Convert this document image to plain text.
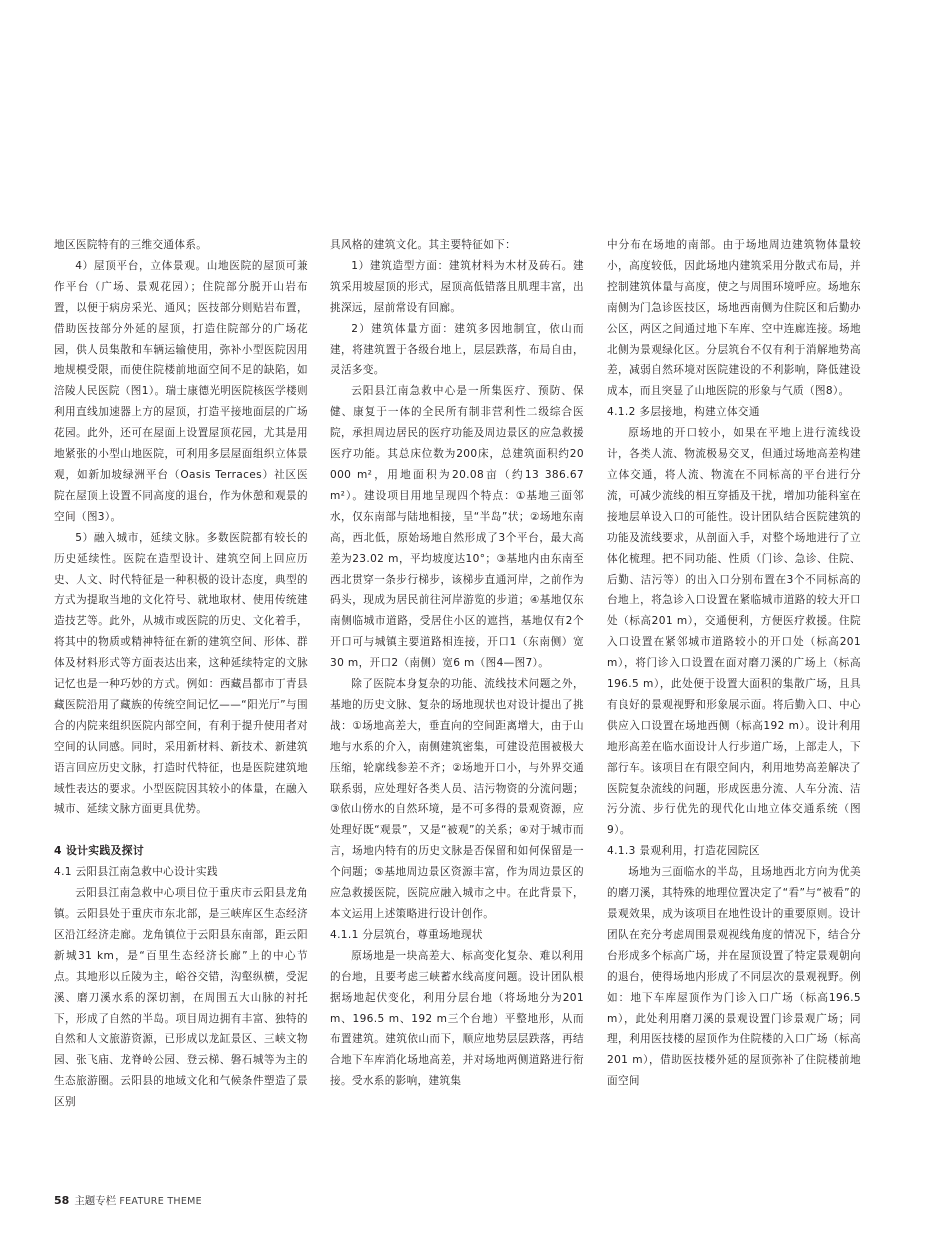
地区医院特有的三维交通体系。

4）屋顶平台，立体景观。山地医院的屋顶可兼作平台（广场、景观花园）；住院部分脱开山岩布置，以便于病房采光、通风；医技部分则贴岩布置，借助医技部分外延的屋顶，打造住院部分的广场花园，供人员集散和车辆运输使用，弥补小型医院因用地规模受限，而使住院楼前地面空间不足的缺陷，如涪陵人民医院（图1）。瑞士康德光明医院核医学楼则利用直线加速器上方的屋顶，打造平接地面层的广场花园。此外，还可在屋面上设置屋顶花园，尤其是用地紧张的小型山地医院，可利用多层屋面组织立体景观，如新加坡绿洲平台（Oasis Terraces）社区医院在屋顶上设置不同高度的退台，作为休憩和观景的空间（图3）。

5）融入城市，延续文脉。多数医院都有较长的历史延续性。医院在造型设计、建筑空间上回应历史、人文、时代特征是一种积极的设计态度，典型的方式为提取当地的文化符号、就地取材、使用传统建造技艺等。此外，从城市或医院的历史、文化着手，将其中的物质或精神特征在新的建筑空间、形体、群体及材料形式等方面表达出来，这种延续特定的文脉记忆也是一种巧妙的方式。例如：西藏昌都市丁青县藏医院沿用了藏族的传统空间记忆——“阳光厅”与围合的内院来组织医院内部空间，有利于提升使用者对空间的认同感。同时，采用新材料、新技术、新建筑语言回应历史文脉，打造时代特征，也是医院建筑地域性表达的要求。小型医院因其较小的体量，在融入城市、延续文脉方面更具优势。

4 设计实践及探讨
4.1 云阳县江南急救中心设计实践

云阳县江南急救中心项目位于重庆市云阳县龙角镇。云阳县处于重庆市东北部，是三峡库区生态经济区沿江经济走廊。龙角镇位于云阳县东南部，距云阳新城31 km，是“百里生态经济长廊”上的中心节点。其地形以丘陵为主，峪谷交错，沟壑纵横，受泥溪、磨刀溪水系的深切割，在周围五大山脉的衬托下，形成了自然的半岛。项目周边拥有丰富、独特的自然和人文旅游资源，已形成以龙缸景区、三峡文物园、张飞庙、龙脊岭公园、登云梯、磐石城等为主的生态旅游圈。云阳县的地域文化和气候条件塑造了景区别

具风格的建筑文化。其主要特征如下：

1）建筑造型方面：建筑材料为木材及砖石。建筑采用坡屋顶的形式，屋顶高低错落且肌理丰富，出挑深远，屋前常设有回廊。

2）建筑体量方面：建筑多因地制宜，依山而建，将建筑置于各级台地上，层层跌落，布局自由，灵活多变。

云阳县江南急救中心是一所集医疗、预防、保健、康复于一体的全民所有制非营利性二级综合医院，承担周边居民的医疗功能及周边景区的应急救援医疗功能。其总床位数为200床，总建筑面积约20 000 m²，用地面积为20.08亩（约13 386.67 m²）。建设项目用地呈现四个特点：①基地三面邻水，仅东南部与陆地相接，呈“半岛”状；②场地东南高，西北低，原始场地自然形成了3个平台，最大高差为23.02 m，平均坡度达10°；③基地内由东南至西北贯穿一条步行梯步，该梯步直通河岸，之前作为码头，现成为居民前往河岸游览的步道；④基地仅东南侧临城市道路，受居住小区的遮挡，基地仅有2个开口可与城镇主要道路相连接，开口1（东南侧）宽30 m，开口2（南侧）宽6 m（图4—图7）。

除了医院本身复杂的功能、流线技术问题之外，基地的历史文脉、复杂的场地现状也对设计提出了挑战：①场地高差大，垂直向的空间距离增大，由于山地与水系的介入，南侧建筑密集，可建设范围被极大压缩，轮廓线参差不齐；②场地开口小，与外界交通联系弱，应处理好各类人员、洁污物资的分流问题；③依山傍水的自然环境，是不可多得的景观资源，应处理好既“观景”，又是“被观”的关系；④对于城市而言，场地内特有的历史文脉是否保留和如何保留是一个问题；⑤基地周边景区资源丰富，作为周边景区的应急救援医院，医院应融入城市之中。在此背景下，本文运用上述策略进行设计创作。

4.1.1 分层筑台，尊重场地现状

原场地是一块高差大、标高变化复杂、难以利用的台地，且要考虑三峡蓄水线高度问题。设计团队根据场地起伏变化，利用分层台地（将场地分为201 m、196.5 m、192 m三个台地）平整地形，从而布置建筑。建筑依山而下，顺应地势层层跌落，再结合地下车库消化场地高差，并对场地两侧道路进行衔接。受水系的影响，建筑集

中分布在场地的南部。由于场地周边建筑物体量较小，高度较低，因此场地内建筑采用分散式布局，并控制建筑体量与高度，使之与周围环境呼应。场地东南侧为门急诊医技区，场地西南侧为住院区和后勤办公区，两区之间通过地下车库、空中连廊连接。场地北侧为景观绿化区。分层筑台不仅有利于消解地势高差，减弱自然环境对医院建设的不利影响，降低建设成本，而且突显了山地医院的形象与气质（图8）。

4.1.2 多层接地，构建立体交通

原场地的开口较小，如果在平地上进行流线设计，各类人流、物流极易交叉，但通过场地高差构建立体交通，将人流、物流在不同标高的平台进行分流，可减少流线的相互穿插及干扰，增加功能科室在接地层单设入口的可能性。设计团队结合医院建筑的功能及流线要求，从剖面入手，对整个场地进行了立体化梳理。把不同功能、性质（门诊、急诊、住院、后勤、洁污等）的出入口分别布置在3个不同标高的台地上，将急诊入口设置在紧临城市道路的较大开口处（标高201 m），交通便利，方便医疗救援。住院入口设置在紧邻城市道路较小的开口处（标高201 m），将门诊入口设置在面对磨刀溪的广场上（标高196.5 m），此处便于设置大面积的集散广场，且具有良好的景观视野和形象展示面。将后勤入口、中心供应入口设置在场地西侧（标高192 m）。设计利用地形高差在临水面设计人行步道广场，上部走人，下部行车。该项目在有限空间内，利用地势高差解决了医院复杂流线的问题，形成医患分流、人车分流、洁污分流、步行优先的现代化山地立体交通系统（图9）。

4.1.3 景观利用，打造花园院区

场地为三面临水的半岛，且场地西北方向为优美的磨刀溪，其特殊的地理位置决定了“看”与“被看”的景观效果，成为该项目在地性设计的重要原则。设计团队在充分考虑周围景观视线角度的情况下，结合分台形成多个标高广场，并在屋顶设置了特定景观朝向的退台，使得场地内形成了不同层次的景观视野。例如：地下车库屋顶作为门诊入口广场（标高196.5 m），此处利用磨刀溪的景观设置门诊景观广场；同理，利用医技楼的屋顶作为住院楼的入口广场（标高201 m），借助医技楼外延的屋顶弥补了住院楼前地面空间

58 主题专栏 FEATURE THEME
